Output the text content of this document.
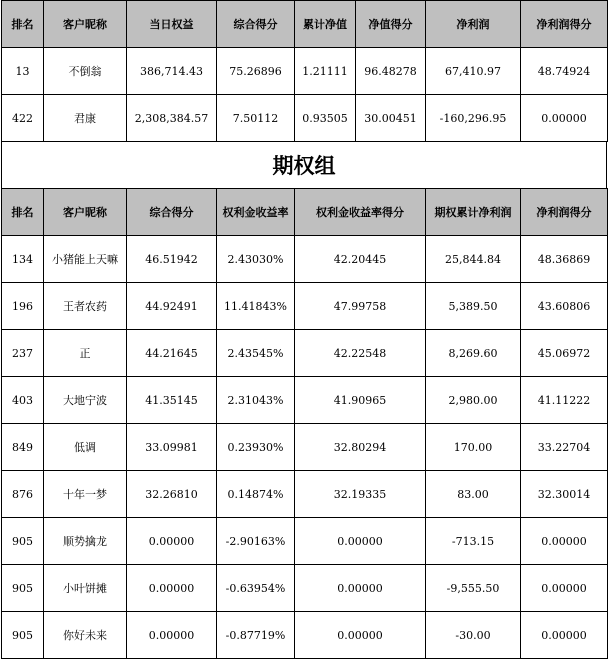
排名	客户昵称	当日权益	综合得分	累计净值	净值得分	净利润	净利润得分
13	不倒翁	386,714.43	75.26896	1.21111	96.48278	67,410.97	48.74924
422	君康	2,308,384.57	7.50112	0.93505	30.00451	-160,296.95	0.00000
期权组
排名	客户昵称	综合得分	权利金收益率	权利金收益率得分	期权累计净利润	净利润得分
134	小猪能上天嘛	46.51942	2.43030%	42.20445	25,844.84	48.36869
196	王者农药	44.92491	11.41843%	47.99758	5,389.50	43.60806
237	正	44.21645	2.43545%	42.22548	8,269.60	45.06972
403	大地宁波	41.35145	2.31043%	41.90965	2,980.00	41.11222
849	低调	33.09981	0.23930%	32.80294	170.00	33.22704
876	十年一梦	32.26810	0.14874%	32.19335	83.00	32.30014
905	顺势擒龙	0.00000	-2.90163%	0.00000	-713.15	0.00000
905	小叶饼摊	0.00000	-0.63954%	0.00000	-9,555.50	0.00000
905	你好未来	0.00000	-0.87719%	0.00000	-30.00	0.00000
